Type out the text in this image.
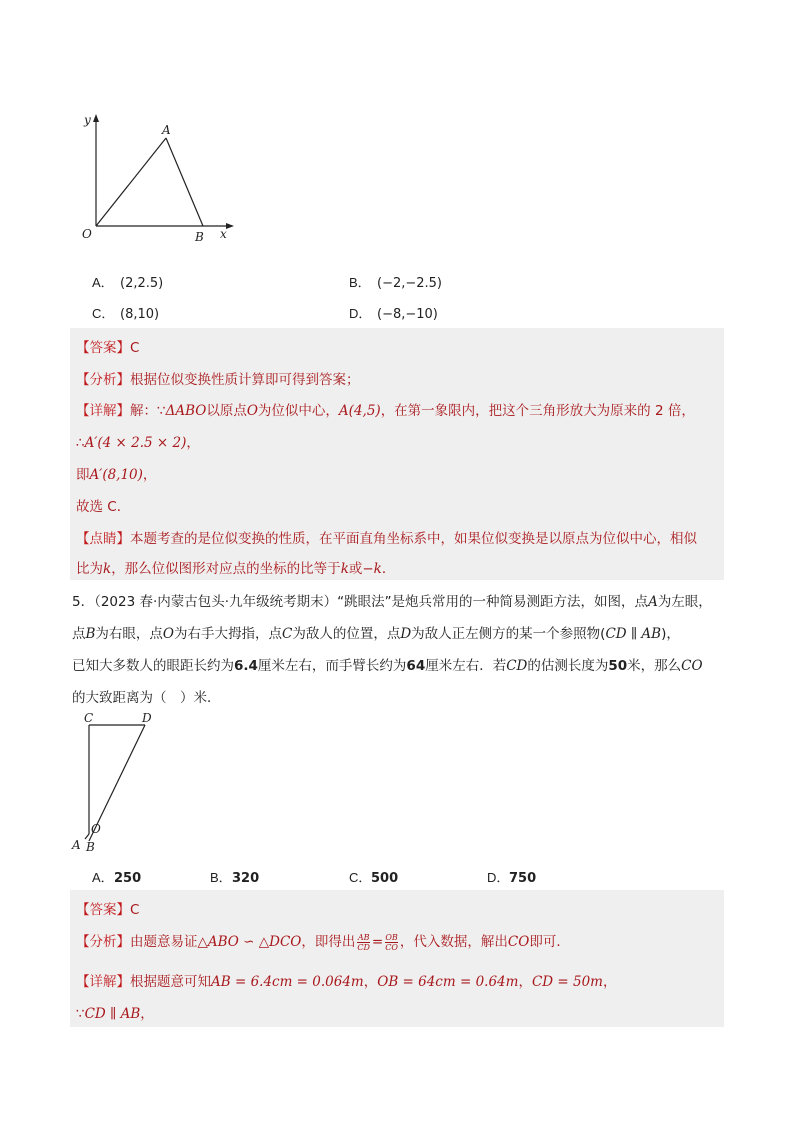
y
A
O	B x
A． (2,2.5)	B． (−2,−2.5)
C． (8,10)	D． (−8,−10)
【答案】C
【分析】根据位似变换性质计算即可得到答案；
【详解】解：∵ΔABO以原点O为位似中心，A(4,5)，在第一象限内，把这个三角形放大为原来的 2 倍，
∴A′(4 × 2.5 × 2)，
即A′(8,10)，
故选 C．
【点睛】本题考查的是位似变换的性质，在平面直角坐标系中，如果位似变换是以原点为位似中心，相似
比为k，那么位似图形对应点的坐标的比等于k或−k．
5．（2023 春·内蒙古包头·九年级统考期末）“跳眼法”是炮兵常用的一种简易测距方法，如图，点A为左眼，
点B为右眼，点O为右手大拇指，点C为敌人的位置，点D为敌人正左侧方的某一个参照物(CD ∥ AB)，
已知大多数人的眼距长约为6.4厘米左右，而手臂长约为64厘米左右．若CD的估测长度为50米，那么CO
的大致距离为（　）米．
C	D
O
A B
A．250	B．320	C．500	D．750
【答案】C
【分析】由题意易证△ABO ∽ △DCO，即得出 $\frac{AB}{CD} = \frac{OB}{CO}$ ，代入数据，解出CO即可．
【详解】根据题意可知AB = 6.4cm = 0.064m，OB = 64cm = 0.64m，CD = 50m，
∵CD ∥ AB，
